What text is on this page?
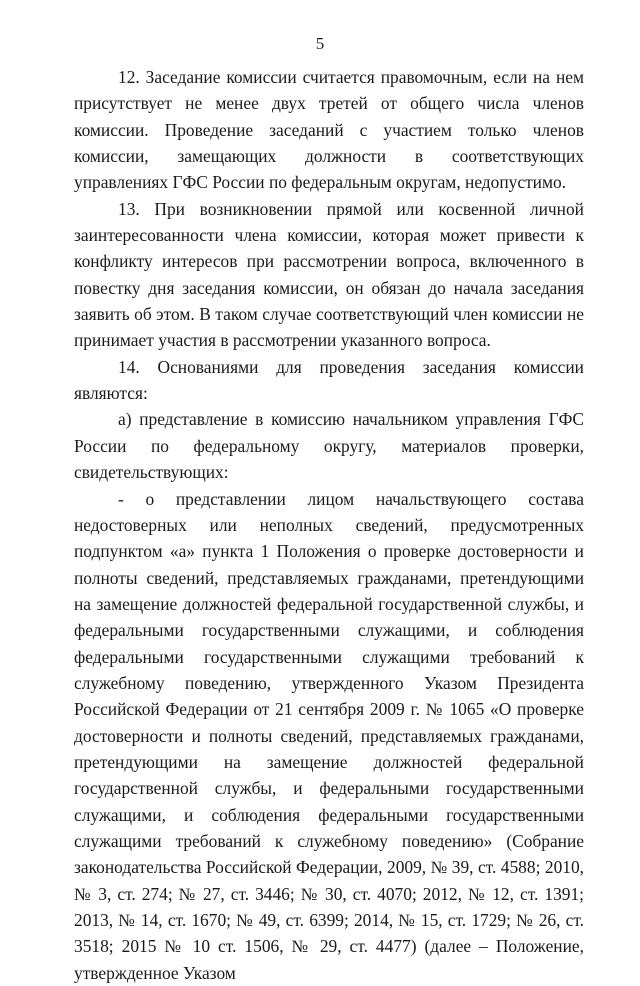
5

12. Заседание комиссии считается правомочным, если на нем присутствует не менее двух третей от общего числа членов комиссии. Проведение заседаний с участием только членов комиссии, замещающих должности в соответствующих управлениях ГФС России по федеральным округам, недопустимо.

13. При возникновении прямой или косвенной личной заинтересованности члена комиссии, которая может привести к конфликту интересов при рассмотрении вопроса, включенного в повестку дня заседания комиссии, он обязан до начала заседания заявить об этом. В таком случае соответствующий член комиссии не принимает участия в рассмотрении указанного вопроса.

14. Основаниями для проведения заседания комиссии являются:

а) представление в комиссию начальником управления ГФС России по федеральному округу, материалов проверки, свидетельствующих:

- о представлении лицом начальствующего состава недостоверных или неполных сведений, предусмотренных подпунктом «а» пункта 1 Положения о проверке достоверности и полноты сведений, представляемых гражданами, претендующими на замещение должностей федеральной государственной службы, и федеральными государственными служащими, и соблюдения федеральными государственными служащими требований к служебному поведению, утвержденного Указом Президента Российской Федерации от 21 сентября 2009 г. № 1065 «О проверке достоверности и полноты сведений, представляемых гражданами, претендующими на замещение должностей федеральной государственной службы, и федеральными государственными служащими, и соблюдения федеральными государственными служащими требований к служебному поведению» (Собрание законодательства Российской Федерации, 2009, № 39, ст. 4588; 2010, № 3, ст. 274; № 27, ст. 3446; № 30, ст. 4070; 2012, № 12, ст. 1391; 2013, № 14, ст. 1670; № 49, ст. 6399; 2014, № 15, ст. 1729; № 26, ст. 3518; 2015 № 10 ст. 1506, № 29, ст. 4477) (далее – Положение, утвержденное Указом
